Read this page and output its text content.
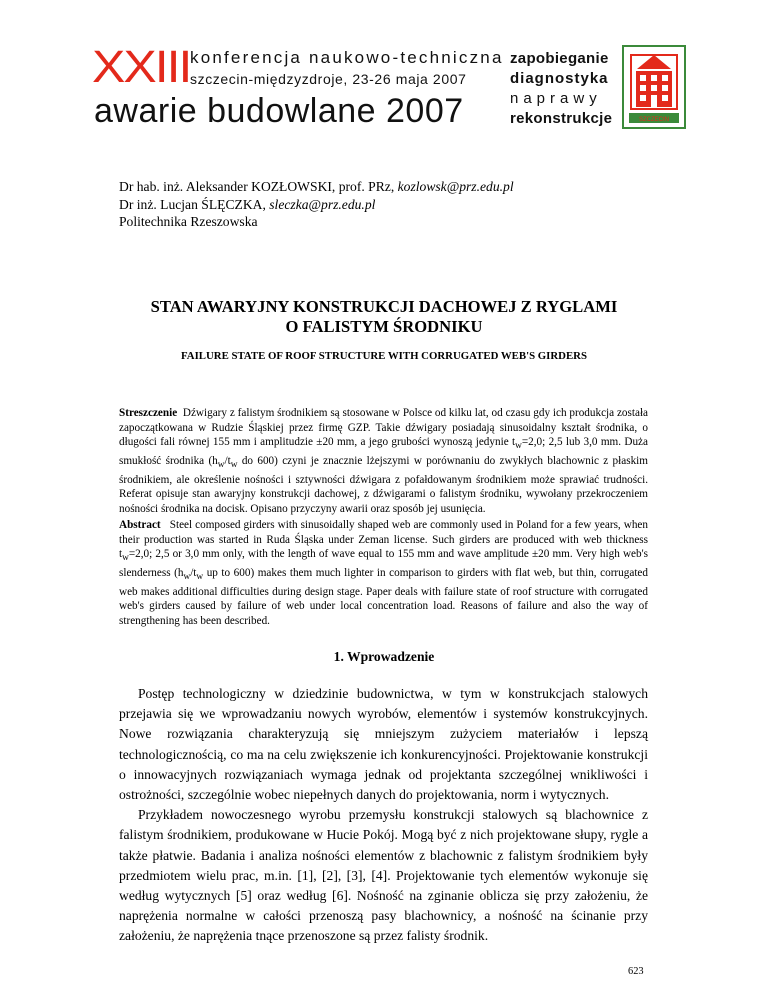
XXIII konferencja naukowo-techniczna
szczecin-międzyzdroje, 23-26 maja 2007
awarie budowlane 2007
zapobieganie
diagnostyka
naprawy
rekonstrukcje	SZCZECIN
Dr hab. inż. Aleksander KOZŁOWSKI, prof. PRz, kozlowsk@prz.edu.pl
Dr inż. Lucjan ŚLĘCZKA, sleczka@prz.edu.pl
Politechnika Rzeszowska
STAN AWARYJNY KONSTRUKCJI DACHOWEJ Z RYGLAMI
O FALISTYM ŚRODNIKU
FAILURE STATE OF ROOF STRUCTURE WITH CORRUGATED WEB'S GIRDERS
Streszczenie Dźwigary z falistym środnikiem są stosowane w Polsce od kilku lat, od czasu gdy ich produkcja została zapoczątkowana w Rudzie Śląskiej przez firmę GZP. Takie dźwigary posiadają sinusoidalny kształt środnika, o długości fali równej 155 mm i amplitudzie ±20 mm, a jego grubości wynoszą jedynie $t_w=2,0$; 2,5 lub 3,0 mm. Duża smukłość środnika ($h_w/t_w$ do 600) czyni je znacznie lżejszymi w porównaniu do zwykłych blachownic z płaskim środnikiem, ale określenie nośności i sztywności dźwigara z pofałdowanym środnikiem może sprawiać trudności. Referat opisuje stan awaryjny konstrukcji dachowej, z dźwigarami o falistym środniku, wywołany przekroczeniem nośności środnika na docisk. Opisano przyczyny awarii oraz sposób jej usunięcia.
Abstract Steel composed girders with sinusoidally shaped web are commonly used in Poland for a few years, when their production was started in Ruda Śląska under Zeman license. Such girders are produced with web thickness $t_w=2,0$; 2,5 or 3,0 mm only, with the length of wave equal to 155 mm and wave amplitude ±20 mm. Very high web's slenderness ($h_w/t_w$ up to 600) makes them much lighter in comparison to girders with flat web, but thin, corrugated web makes additional difficulties during design stage. Paper deals with failure state of roof structure with corrugated web's girders caused by failure of web under local concentration load. Reasons of failure and also the way of strengthening has been described.
1. Wprowadzenie

Postęp technologiczny w dziedzinie budownictwa, w tym w konstrukcjach stalowych przejawia się we wprowadzaniu nowych wyrobów, elementów i systemów konstrukcyjnych. Nowe rozwiązania charakteryzują się mniejszym zużyciem materiałów i lepszą technologicznością, co ma na celu zwiększenie ich konkurencyjności. Projektowanie konstrukcji o innowacyjnych rozwiązaniach wymaga jednak od projektanta szczególnej wnikliwości i ostrożności, szczególnie wobec niepełnych danych do projektowania, norm i wytycznych.

Przykładem nowoczesnego wyrobu przemysłu konstrukcji stalowych są blachownice z falistym środnikiem, produkowane w Hucie Pokój. Mogą być z nich projektowane słupy, rygle a także płatwie. Badania i analiza nośności elementów z blachownic z falistym środnikiem były przedmiotem wielu prac, m.in. [1], [2], [3], [4]. Projektowanie tych elementów wykonuje się według wytycznych [5] oraz według [6]. Nośność na zginanie oblicza się przy założeniu, że naprężenia normalne w całości przenoszą pasy blachownicy, a nośność na ścinanie przy założeniu, że naprężenia tnące przenoszone są przez falisty środnik.

623
